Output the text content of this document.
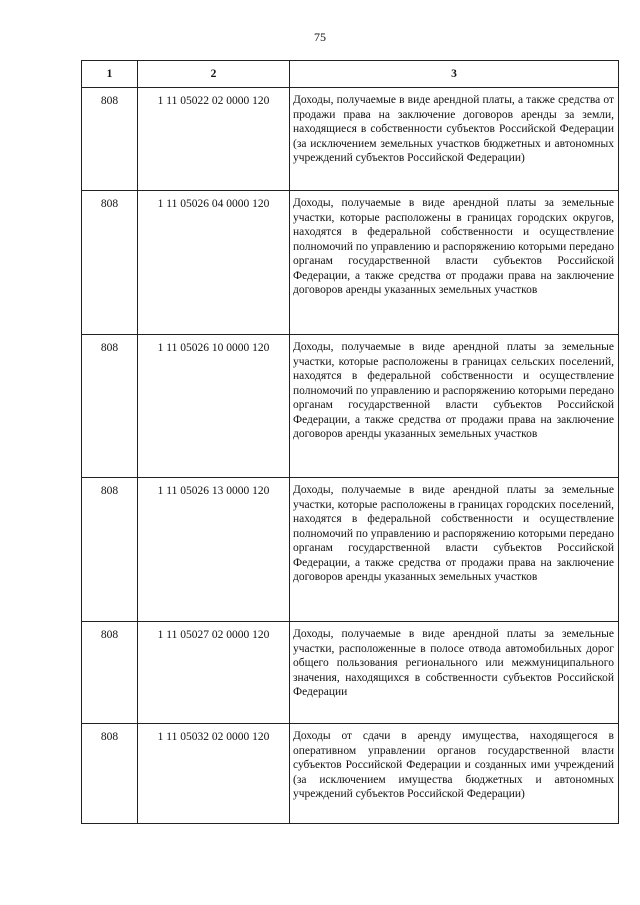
75
1	2	3
808	1 11 05022 02 0000 120	Доходы, получаемые в виде арендной платы, а также средства от продажи права на заключение договоров аренды за земли, находящиеся в собственности субъектов Российской Федерации (за исключением земельных участков бюджетных и автономных учреждений субъектов Российской Федерации)
808	1 11 05026 04 0000 120	Доходы, получаемые в виде арендной платы за земельные участки, которые расположены в границах городских округов, находятся в федеральной собственности и осуществление полномочий по управлению и распоряжению которыми передано органам государственной власти субъектов Российской Федерации, а также средства от продажи права на заключение договоров аренды указанных земельных участков
808	1 11 05026 10 0000 120	Доходы, получаемые в виде арендной платы за земельные участки, которые расположены в границах сельских поселений, находятся в федеральной собственности и осуществление полномочий по управлению и распоряжению которыми передано органам государственной власти субъектов Российской Федерации, а также средства от продажи права на заключение договоров аренды указанных земельных участков
808	1 11 05026 13 0000 120	Доходы, получаемые в виде арендной платы за земельные участки, которые расположены в границах городских поселений, находятся в федеральной собственности и осуществление полномочий по управлению и распоряжению которыми передано органам государственной власти субъектов Российской Федерации, а также средства от продажи права на заключение договоров аренды указанных земельных участков
808	1 11 05027 02 0000 120	Доходы, получаемые в виде арендной платы за земельные участки, расположенные в полосе отвода автомобильных дорог общего пользования регионального или межмуниципального значения, находящихся в собственности субъектов Российской Федерации
808	1 11 05032 02 0000 120	Доходы от сдачи в аренду имущества, находящегося в оперативном управлении органов государственной власти субъектов Российской Федерации и созданных ими учреждений (за исключением имущества бюджетных и автономных учреждений субъектов Российской Федерации)
